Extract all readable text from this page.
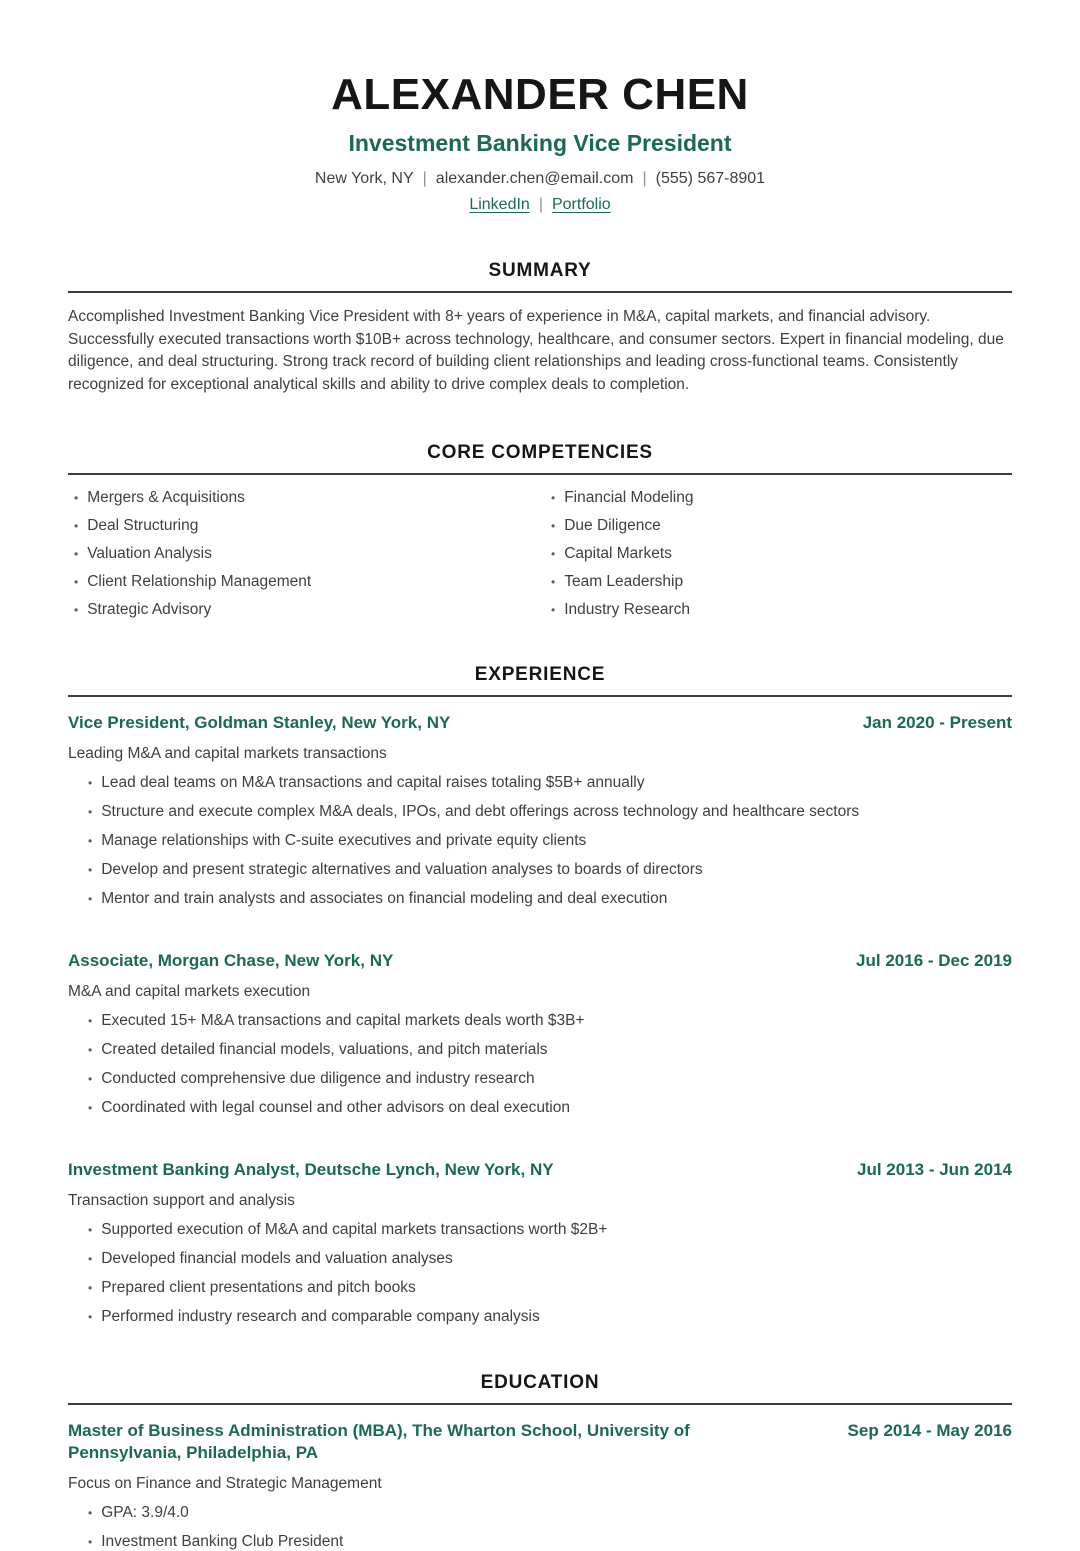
ALEXANDER CHEN
Investment Banking Vice President
New York, NY | alexander.chen@email.com | (555) 567-8901
LinkedIn | Portfolio
SUMMARY

Accomplished Investment Banking Vice President with 8+ years of experience in M&A, capital markets, and financial advisory. Successfully executed transactions worth $10B+ across technology, healthcare, and consumer sectors. Expert in financial modeling, due diligence, and deal structuring. Strong track record of building client relationships and leading cross-functional teams. Consistently recognized for exceptional analytical skills and ability to drive complex deals to completion.

CORE COMPETENCIES
• Mergers & Acquisitions
• Deal Structuring
• Valuation Analysis
• Client Relationship Management
• Strategic Advisory
• Financial Modeling
• Due Diligence
• Capital Markets
• Team Leadership
• Industry Research
EXPERIENCE
Vice President, Goldman Stanley, New York, NY	Jan 2020 - Present
Leading M&A and capital markets transactions
• Lead deal teams on M&A transactions and capital raises totaling $5B+ annually
• Structure and execute complex M&A deals, IPOs, and debt offerings across technology and healthcare sectors
• Manage relationships with C-suite executives and private equity clients
• Develop and present strategic alternatives and valuation analyses to boards of directors
• Mentor and train analysts and associates on financial modeling and deal execution
Associate, Morgan Chase, New York, NY	Jul 2016 - Dec 2019
M&A and capital markets execution
• Executed 15+ M&A transactions and capital markets deals worth $3B+
• Created detailed financial models, valuations, and pitch materials
• Conducted comprehensive due diligence and industry research
• Coordinated with legal counsel and other advisors on deal execution
Investment Banking Analyst, Deutsche Lynch, New York, NY	Jul 2013 - Jun 2014
Transaction support and analysis
• Supported execution of M&A and capital markets transactions worth $2B+
• Developed financial models and valuation analyses
• Prepared client presentations and pitch books
• Performed industry research and comparable company analysis
EDUCATION
Master of Business Administration (MBA), The Wharton School, University of Pennsylvania, Philadelphia, PA
Sep 2014 - May 2016
Focus on Finance and Strategic Management
• GPA: 3.9/4.0
• Investment Banking Club President
